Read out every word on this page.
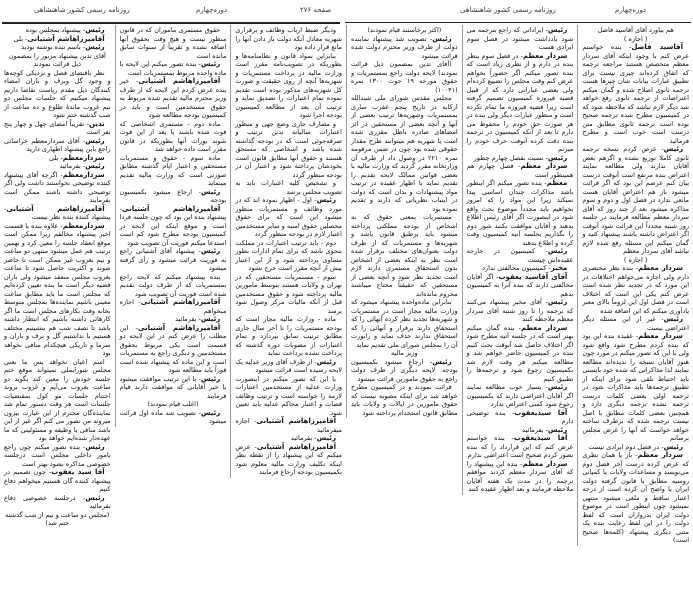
روزنامه رسمی کشور شاهنشاهی	دوره‌چهارم	صفحه ۲۷۶	روزنامه رسمی کشور شاهنشاهی	دوره‌چهارم

هم بیاورد آقای آقاسید فاضل

( اجازه )

آقاسید فاضل- بنده خواستم عرض کنم با وجود اینکه آقای سردار معظم متخصص هستند مراجعه ترجمه که اتفاق کرده‌اند چیزی نیست برای تطبیق عبارات بیانات شان چیزها هست ترجمه ثانوی اصلاح شده و گمان میکنم اعتراضات از ترجمه ثانوی رفع خواهد شد دیگر لازم نباشد که ملاحظه شود که در کمیسیون مطرح شده ترجمه صحیح بوده است ترجمه ثانوی مطابق متن درست است خوب است و مطرح فرمائید

رئیس- عرض کردم نسخه ترجمه ثانوی کاملا توزیع نشده و اگرهم بعض آقایان ندارند ولی مطالعه نمایند اعتراض بنده مرتفع است آنوقت درست بیان کنم عرضم این بود که اگر قرائت میشود باز هم اعتراض آقایان هست مانعی ندارد در فصل اول و دوم و سوم مذاکره میشود بعد از چند روز که آقای سردار معظم مطالعه فرمایند در جلسه روز شنبه مجدداً این قرائت شود آنوقت اگر اعتراض داشته باشند پیشنهاد کنید و گمان میکنم این مسئله رفع شده لازم نباشد آقای سردار معظم

( اجازه )

سردار معظم- بنده نظر مختصری دارم ولی اجازه می‌خواهم اختلافات در این مورد که در تجدید نظر شده است عرض کنم یکی این است که اختلاف است در فصل اول این لزوماً بالای معبر یادآوری میکنم که این اضافه شده

رئیس- غیر از این مسئله دیگر اعتراضی نیست

سردار معظم- عقیده بنده این بود که بنده کردم مطرح شود واقع شود ولی با این که تصور میکنم در مورد چون هنوز آقایان نسخه را ندیده‌اند مطالعه نمایند لذا مذاکراتی که شده خود بایستی باید احتیاط تلقی شود برای اینکه از تطبیق ترجمه‌ها باید مذاکرات شود در ترجمه اولی بعضی کلمات درست ترجمه نشده ترجمه دیگری دارد و همچنین بعضی کلمات مطابق با اصل نیست ترجمه شده که برطرف ساخته خواهد خواست که آنها را عرض مجلس برسانم

رئیس- در فصل دوم ایرادی نیست

سردار معظم- باز یا همان نظری که عرض کرده درست آخر فصل دوم می‌نویسد و مساعدات ولایات یا کمپانی روسیه مطابق با قانون گرفته دولت ایران یا واضح آن کرده است از درجه اعتبار ساقط و ملغی میشود منتهی نمیشود چون اینطور است در موضوع دولت ایران بدرواران است که لفظ دولت را در این لفظ رعایت بنده یک متنی دیگری پیشنهاد (کلمه‌ها صحیح است)

رئیس- ایراداتی که راجع بترجمه می شود یادداشت میشود در فصل سوم ایرادی هست

سردار معظم- در فصل سوم بنظر بنده در دارم و از نظری زیاد است که بنده تصور میکنم اگر حضوراً بخواهم عرض کنم وقت مجلس را تضییع کرده‌ام ولی بعضی عباراتی دارد که از قبیل قضیه فیروزه کمیسیون تصمیم گرفته است زیرا قضیه فیروزه ما تمام نکرده است و منظور عبارات دیگر ولی بنده در هر صورت حق خودم را محفوظ می دارم تا بعد از آنکه کمیسیون در ترجمه بنده دقت کرده آنوقت حرف خودم را میزنم

رئیس- نسبت بفصل چهارم چطور

سردار معظم- فصل چهارم هم همینطور است

معظم- بنده تصور میکنم اگر اینطور باشد مذاکرات چندان اساسی پیدا نمیکند زیرا این مواد را که امروز بخواهیم باید مجدداً موضوع بحث واقع شود در اینصورت اگر آقای رئیس اطلاع بدهند و آقایان موافقت بکنند شور دوم را بگذاریم بجلسه آتیه کمیسیون وقت کرده و اطلاع بدهند

رئیس- کمیسیون در خارجه عقیده‌اش چیست

مخبر- کمیسیون مخالفتی ندارد

آقای آقاسید یعقوب- اگر آقایان مخالفتی دارند که بنده آنرا به کمیسیون بدهم

رئیس- آقای مخبر پیشنهاد می‌کنند که ترجمه را تا روز شنبه آقای سردار معظم ملاحظه کنند

سردار معظم- بنده گمان میکنم بهتر است که در جلسه آتیه مطرح شود اگر اختلاف حاصل شد آنوقت بحث کنیم بنده در کمیسیون حاضر خواهم شد و مطالعه میکنم هر وقت لازم شد بکمیسیون رجوع شود و ترجمه‌ها را تطبیق کنیم

رئیس- بسیار خوب مطالعه نمایند اگر آقایان اعتراضی دارند که بکمیسیون رجوع شود کسی اعتراض ندارد

آقا سیدیعقوب- بنده توضیحی دارم

رئیس- بفرمائید

آقا سیدیعقوب- بنده خواستم عرض کنم که این قرارداد را که بنده تصور کردم صحیح است اعتراضی ندارم

سردار معظم- بنده این پیشنهاد را که آقای سردار معظم کردند موافقم ترجمه را در مدت یک هفته آقایان ملاحظه فرمایند و بعد اظهار عقیده کنند

(اکثر برخاستند قیام نمودند)

رئیس- تصویب شد پیشنهاد نماینده دولت از طرف وزیر محترم دولت شده قرائت میشود

(آقای تدین بمضمون ذیل قرائت نمودند) لایحه دولت راجع بمستمریات و حقوق مورخه ۱۹ حوت ۱۳۰۰ نمره (۱۰۰۴۱)

مجلس مقدس شورای ملی شیدالله ارکانه در تاریخ پنجم عقرب ساری بمستمریات وشهریه‌ها ترتیب بعضی از آنها و آنچه بعضی از مستحقین در اثر امضاهای صادره باطل مقرری شده است یا شهریه هم میتوانند طرح مقدار حقوقی شده بود چون در ضمن مرقومه نمره ۲۲۱۰ در وصول داد از طرف آن وزارتخانه مقرر گردید که وزارت مالیه با بعضی قوانین ممالک لایحه تقدیم را تقدیم نماید با اظهار عقیده در ترتیب مواد پیشنهادات و بدان است که دولت در اینباب نظریاتی که دارند و تقدیم نموده بود

مستمریات بمعنی حقوق که به اشخاص از بودجه مملکتی پرداخته میشود باید برطبق قانون باشد و شهریه‌ها و مستمریات که از طرف دولت بعنوان‌های مختلف برقرار شده است نظر به اینکه بعضی از اشخاص بدون استحقاق مستمری دارند لازم است تجدید نظر شود و آنچه بعضی از مستحقین که حقیقتاً محتاج میباشند محروم مانده‌اند

بنابراین ماده‌واحده پیشنهاد میشود که وزارت مالیه مجاز است در مستمریات و شهریه‌ها تجدید نظر کرده آنهائی را که استحقاق دارند برقرار و آنهائی را که استحقاق ندارند حذف نماید و راپورت آن را بمجلس شورای ملی تقدیم نماید

وزیر مالیه

رئیس- ارجاع میشود بکمیسیون بودجه. لایحه دیگری از طرف دولت راجع به حقوق مامورین قرائت میشود

قرائت نمودند و در کمیسیون مطرح خواهد شد برای اینکه مصوبه نیست که حقوق مامورین در ایالات و ولایات باید مطابق قانون استخدام پرداخته شود

ودیگر ضبط ارباب وظائف و برقراری شهریه معادل آنکه دولت باز دادن آنها را مانع قرار داده بود

بنابراین بمواد قانون و نظامنامه‌ها و بطوریکه در تصویب‌نامه مقرر است وزارت مالیه در پرداخت مستمریات و شهریه‌ها آنچه از روی حقیقت و صورت کل شهریه‌های مذکور بوده است تقدیم نموده تمام اعتبارات را تصدیق نماید و ترتیب آن بعد از مطالعه کمیسیون بودجه اجرا شود

و مصارف جاری وضع جهی و منظور اعتبارات سالیانه بدین ترتیب و صرفه‌جوئی است که در بودجه گذاشته شده باشد و اشخاصی که مستحق هستند و حقوق آنها مطابق قانون است بخودشان پرداخته شود و اعتبار آن در بودجه منظور گردد

و تشخیص کلیه اعتبارات باید به تصویب مجلس برسد

رئیس- اول - اظهار نموده اند که در مورد وظائف و مستمریات منظور میشود این است که برای حقوق محصلین حقوق امنیه و سایر مستخدمین اعتبار لازم در بودجه منظور گردد

دوم - باید ترتیب اعتبارات در مملکت بنحوی باشد که برای تمام ادارات بطور مساوی پرداخته شود و از این اعتبار بیش از آنچه مقرر است خرج نشود

سوم - مستمریات مستحقین که در تهران و ولایات هستند بتوسط مامورین مالیه پرداخته شود و حقوق مستخدمین قبل از آنکه مالیات مرکز وصول شود برسد

ماده - وزارت مالیه مجاز است که بودجه مستمریات را تا آخر سال جاری مطابق ترتیب سابق بپردازد و تمام اعتبارات از مصوبات دوره گذشته که پرداخت نشده پرداخت نماید

رئیس- از طرف آقای وزیر عدلیه یک لایحه رسیده است قرائت میشود

با این که تصور میکنم در اینصورت وزارت عدلیه از مستخدمین اعتبارات لازمه را خواسته است و ترتیب وظائف قضات و اعتبار محاکم عدلیه باید تعیین شود

آقامیرزاهاشم آشتیانی- اجازه میفرمائید

رئیس- بفرمائید

آقامیرزاهاشم آشتیانی- عرض میکنم که این پیشنهاد را از نقطه نظر اینکه تکلیف وزارت مالیه معلوم شود بکمیسیون بودجه ارجاع فرمایند

حقوق مستمری ماموران که در قانون منظور نیست و هیچ وقت بحقوق آنها اضافه نشده و تقریباً از سنوات سابق مانده است

رئیس- بنده تصور میکنم این لایحه با ماده واحده مربوط بمستمریات است

آقامیرزاهاشم آشتیانی- خیر بنده عرض کردم این لایحه که از طرف وزیر محترم مالیه تقدیم شده مربوط به حقوق مستخدمین است و باید در کمیسیون بودجه مطالعه شود

ماده دوم - مستمری اشخاصی که فوت شده باشند یا بعد از این فوت شوند بوراث آنها بطوریکه در قانون مقرر است داده خواهد شد

ماده سوم - حقوق و مستمریات مستحقین و اعتبار ایام گذشته مطابق صورتی است که وزارت مالیه تقدیم مینماید

رئیس- ارجاع میشود بکمیسیون بودجه

آقامیرزاهاشم آشتیانی- پیشنهاد بنده این بود که چون جلسه فردا است و موقع اینکه این لایحه در کمیسیون بودجه مطرح شود کم است استدعا میکنم فوریت آن تصویب شود

رئیس- پیشنهاد آقای آشتیانی راجع به فوریت قرائت میشود و رأی گرفته میشود

بنده پیشنهاد میکنم که لایحه راجع بمستمریات که از طرف دولت تقدیم شده است فوریت آن تصویب شود

آقامیرزاهاشم آشتیانی- اجازه میخواهم

رئیس- بفرمائید

آقامیرزاهاشم آشتیانی- این مطلب را عرض کنم در این لایحه دو قسمت است یکی مربوط بحقوق مستخدمین و دیگری راجع به مستمریات است و این ماده که پیشنهاد شده است فوراً باید مطالعه شود

رئیس- با این ترتیب موافقت میشود یا خیر آقایانی که موافقت دارند قیام فرمایند

(اغلب قیام نمودند)

رئیس- تصویب شد ماده اول قرائت میشود

رئیس- پیشنهاد بمجلس بوده

آقامیرزاهاشم آشتیانی- بلی

رئیس- باسم بنده نوشته بودید

آقای تدین پیشنهاد مزبور را بمضمون ذیل قرائت نمودند

نظر باقتضای فصل و نزدیکی کوچه‌ها و وجود گل وبرف و باران امضاء کنندگان ذیل مقدم ریاست تقاضا داریم پیشنهاد میکنیم که جلسات مجلس دو نیم غروب ماندهٔ طلوع و ده ساعت از شب گذشته ختم شود

تدین- تقریباً امضای چهل و چهار پنج نفر است

رئیس- آقای سردارمعظم خراسانی راجع باین پیشنهاد اظهاری دارید

سردارمعظم- بلی

رئیس- بفرمائید

سردارمعظم- اگرچه آقای پیشنهاد کننده توضیحی نخواستند داشت ولی اگر توضیحی داشته باشند ممکن است بفرمایند

آقامیرزاهاشم آشتیانی- پیشنهاد کننده بنده نظر نیست

سردارمعظم- علاوه بنده با قسمت اخیر پیشنهاد مخالفم زیرا ممکن است موقع انعقاد جلسه را معین کرد و بهمین ترتیب هم عمل میشود منتهی دو ساعت و نیم بغروب غیر ممکن است تا حاضر شوند و اکثریت حاصل شود تا ساعت بغروب مجلس منعقد میشود ولی باران قضیه دیگر است ما بنده تعیین کرده‌ایم که مجلس است ما باید مطابق ساعت معینی باشیم نماینده‌ها بمجلس متوسط بخانه وقت بکارهای مجلس است ما اگر کارهائی داشته باشیم که انتظار داشته باشد تا نصف شب هم بنشینیم مختلف هستیم با نداشتیم گل و برف و باران و سرما و تاریکی هیچکدام منافی نخواهد بود

اسم اعیان نخواهد پس ما بعنی مجلس شورایملی نمیتواند موقع ختم جلسه خودش را معین کند بگوید دو ساعت بغروب می‌آیم و غروب بروند اختتام جلسات مو کول بمقتضیات جلسات است هر وقت دستور تمام شد نماینده‌گان محترم از این عبارت بیرون میروند من تصور می کنم اگر غیر از این باشد منافی با وظیفه و مسئولیتی که ما عهده‌دار شده‌ایم خواهد بود

رئیس- بنده تصور میکنم چون راجع بامور داخلی مجلس است درجلسه خصوصی مذاکره بشود بهتر است

آقا سید یعقوب- چون تصمیم در پیشنهاد کننده گان هستیم میخواهم دفاع کنیم

رئیس- درجلسه خصوصی دفاع بفرمائید

(مجلس دو ساعت و نیم از شب گذشته ختم شد)
